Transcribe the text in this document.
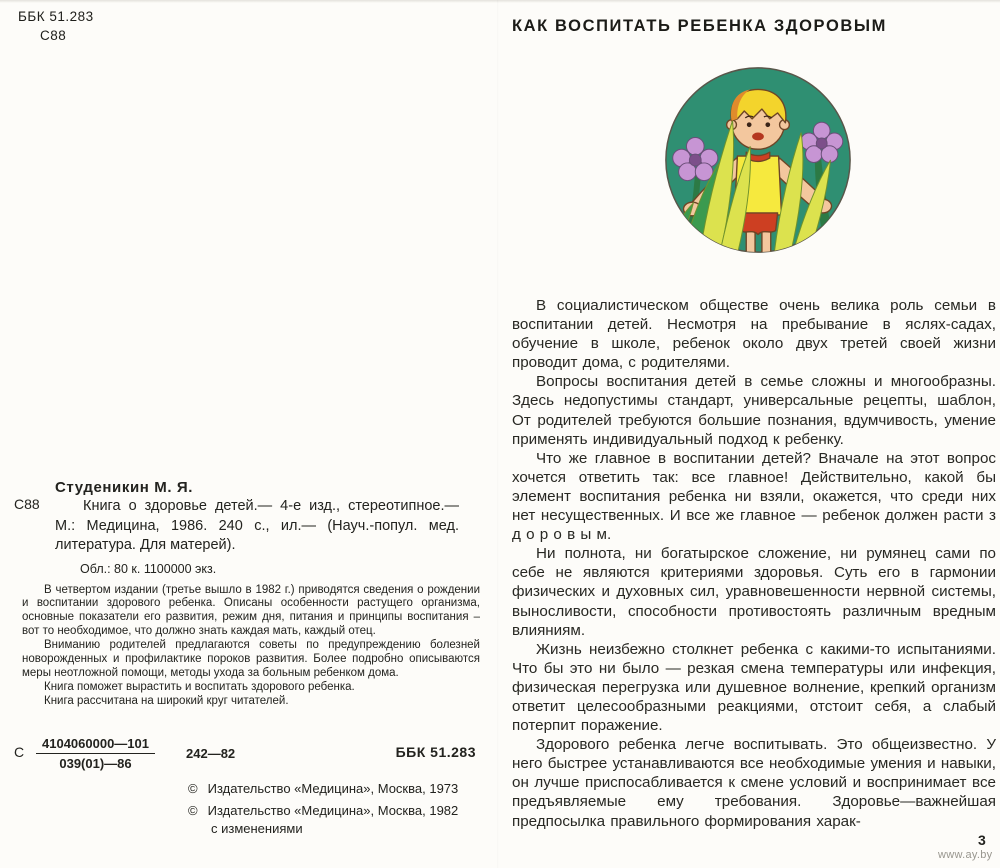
ББК 51.283
С88
Студеникин М. Я.
С88	Книга о здоровье детей.— 4-е изд., стереотипное.— М.: Медицина, 1986. 240 с., ил.— (Науч.-попул. мед. литература. Для матерей).
Обл.: 80 к. 1100000 экз.

В четвертом издании (третье вышло в 1982 г.) приводятся сведения о рождении и воспитании здорового ребенка. Описаны особенности растущего организма, основные показатели его развития, режим дня, питания и принципы воспитания – вот то необходимое, что должно знать каждая мать, каждый отец.

Вниманию родителей предлагаются советы по предупреждению болезней новорожденных и профилактике пороков развития. Более подробно описываются меры неотложной помощи, методы ухода за больным ребенком дома.

Книга поможет вырастить и воспитать здорового ребенка.

Книга рассчитана на широкий круг читателей.

С $\frac{4104060000—101}{039(01)—86}$ 242—82	ББК 51.283
© Издательство «Медицина», Москва, 1973
© Издательство «Медицина», Москва, 1982
с изменениями
КАК ВОСПИТАТЬ РЕБЕНКА ЗДОРОВЫМ

В социалистическом обществе очень велика роль семьи в воспитании детей. Несмотря на пребывание в яслях-садах, обучение в школе, ребенок около двух третей своей жизни проводит дома, с родителями.

Вопросы воспитания детей в семье сложны и многообразны. Здесь недопустимы стандарт, универсальные рецепты, шаблон, От родителей требуются большие познания, вдумчивость, умение применять индивидуальный подход к ребенку.

Что же главное в воспитании детей? Вначале на этот вопрос хочется ответить так: все главное! Действительно, какой бы элемент воспитания ребенка ни взяли, окажется, что среди них нет несущественных. И все же главное — ребенок должен расти з д о р о в ы м.

Ни полнота, ни богатырское сложение, ни румянец сами по себе не являются критериями здоровья. Суть его в гармонии физических и духовных сил, уравновешенности нервной системы, выносливости, способности противостоять различным вредным влияниям.

Жизнь неизбежно столкнет ребенка с какими-то испытаниями. Что бы это ни было — резкая смена температуры или инфекция, физическая перегрузка или душевное волнение, крепкий организм ответит целесообразными реакциями, отстоит себя, а слабый потерпит поражение.

Здорового ребенка легче воспитывать. Это общеизвестно. У него быстрее устанавливаются все необходимые умения и навыки, он лучше приспосабливается к смене условий и воспринимает все предъявляемые ему требования. Здоровье—важнейшая предпосылка правильного формирования харак-

3
www.ay.by
